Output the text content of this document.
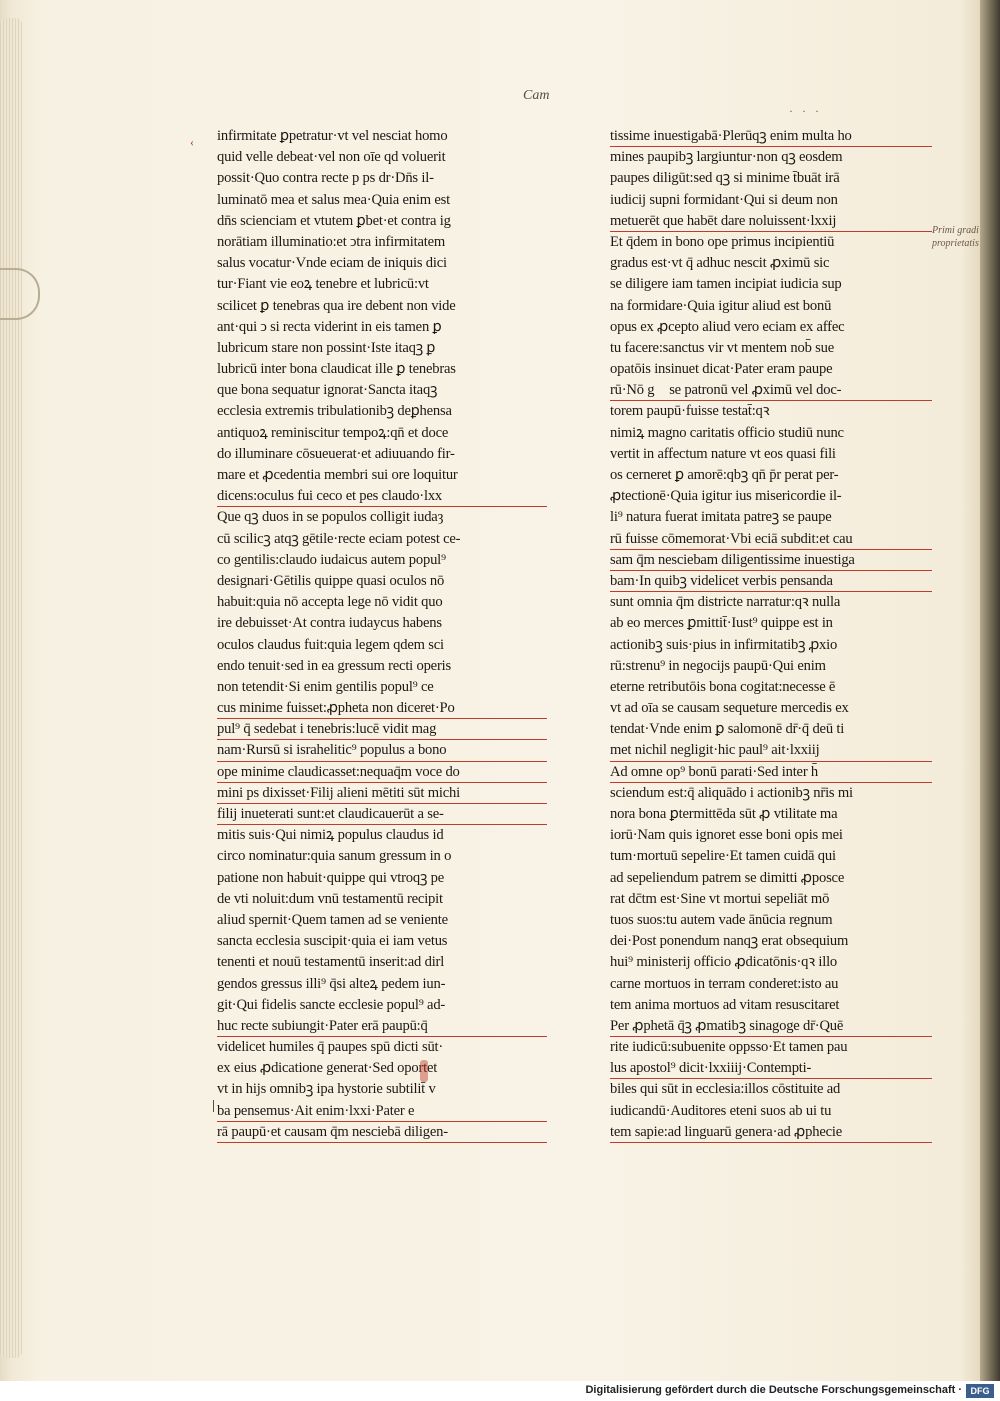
Cam
· · ·
Primi gradi proprietatis
‹ infirmitate ꝑpetratur·vt vel nesciat homo
quid velle debeat·vel non oīe qd voluerit
possit·Quo contra recte p ps dr·Dn̄s il-
luminatō mea et salus mea·Quia enim est
dn̄s scienciam et vtutem ꝑbet·et contra ig
norātiam illuminatio:et ↄtra infirmitatem
salus vocatur·Vnde eciam de iniquis dici
tur·Fiant vie eoꝝ tenebre et lubricū:vt
scilicet ꝑ tenebras qua ire debent non vide
ant·qui ↄ si recta viderint in eis tamen ꝑ
lubricum stare non possint·Iste itaqꝫ ꝑ
lubricū inter bona claudicat ille ꝑ tenebras
que bona sequatur ignorat·Sancta itaqꝫ
ecclesia extremis tribulationibꝫ deꝑhensa
antiquoꝝ reminiscitur tempoꝝ:qn̄ et doce
do illuminare cōsueuerat·et adiuuando fir-
mare et ꝓcedentia membri sui ore loquitur
dicens:oculus fui ceco et pes claudo·lxx
Que qꝫ duos in se populos colligit iudaȝ
cū scilicꝫ atqꝫ gētile·recte eciam potest ce-
co gentilis:claudo iudaicus autem popul⁹
designari·Gētilis quippe quasi oculos nō
habuit:quia nō accepta lege nō vidit quo
ire debuisset·At contra iudaycus habens
oculos claudus fuit:quia legem qdem sci
endo tenuit·sed in ea gressum recti operis
non tetendit·Si enim gentilis popul⁹ ce
cus minime fuisset:ꝓpheta non diceret·Po
pul⁹ q̄ sedebat i tenebris:lucē vidit mag
nam·Rursū si israhelitic⁹ populus a bono
ope minime claudicasset:nequaq̄m voce do
mini ps dixisset·Filij alieni mētiti sūt michi
filij inueterati sunt:et claudicauerūt a se-
mitis suis·Qui nimiꝝ populus claudus id
circo nominatur:quia sanum gressum in o
patione non habuit·quippe qui vtroqꝫ pe
de vti noluit:dum vnū testamentū recipit
aliud spernit·Quem tamen ad se veniente
sancta ecclesia suscipit·quia ei iam vetus
tenenti et nouū testamentū inserit:ad dirl
gendos gressus illi⁹ q̄si alteꝝ pedem iun-
git·Qui fidelis sancte ecclesie popul⁹ ad-
huc recte subiungit·Pater erā paupū:q̄
videlicet humiles q̄ paupes spū dicti sūt·
ex eius ꝓdicatione generat·Sed oportet
vt in hijs omnibꝫ ipa hystorie subtilit̄ v
ba pensemus·Ait enim·lxxi·Pater e
rā paupū·et causam q̄m nesciebā diligen-
tissime inuestigabā·Plerūqꝫ enim multa ho
mines paupibꝫ largiuntur·non qꝫ eosdem
paupes diligūt:sed qꝫ si minime t̄buāt irā
iudicij supni formidant·Qui si deum non
metuerēt que habēt dare noluissent·lxxij
Et q̄dem in bono ope primus incipientiū
gradus est·vt q̄ adhuc nescit ꝓximū sic
se diligere iam tamen incipiat iudicia sup
na formidare·Quia igitur aliud est bonū
opus ex ꝓcepto aliud vero eciam ex affec
tu facere:sanctus vir vt mentem nob̄ sue
opatōis insinuet dicat·Pater eram paupe
rū·Nō gᷓ se patronū vel ꝓximū vel doc-
torem paupū·fuisse testat̄:qꝛ
nimiꝝ magno caritatis officio studiū nunc
vertit in affectum nature vt eos quasi fili
os cerneret ꝑ amorē:qbꝫ qn̄ p̄r perat per-
ꝓtectionē·Quia igitur ius misericordie il-
li⁹ natura fuerat imitata patreꝫ se paupe
rū fuisse cōmemorat·Vbi eciā subdit:et cau
sam q̄m nesciebam diligentissime inuestiga
bam·In quibꝫ videlicet verbis pensanda
sunt omnia q̄m districte narratur:qꝛ nulla
ab eo merces ꝑmittit̄·Iust⁹ quippe est in
actionibꝫ suis·pius in infirmitatibꝫ ꝓxio
rū:strenu⁹ in negocijs paupū·Qui enim
eterne retributōis bona cogitat:necesse ē
vt ad oīa se causam sequeture mercedis ex
tendat·Vnde enim ꝑ salomonē dr̄·q̄ deū ti
met nichil negligit·hic paul⁹ ait·lxxiij
Ad omne op⁹ bonū parati·Sed inter h̄
sciendum est:q̄ aliquādo i actionibꝫ nr̄is mi
nora bona ꝑtermittēda sūt ꝓ vtilitate ma
iorū·Nam quis ignoret esse boni opis mei
tum·mortuū sepelire·Et tamen cuidā qui
ad sepeliendum patrem se dimitti ꝓposce
rat dc̄tm est·Sine vt mortui sepeliāt mō
tuos suos:tu autem vade ānūcia regnum
dei·Post ponendum nanqꝫ erat obsequium
hui⁹ ministerij officio ꝓdicatōnis·qꝛ illo
carne mortuos in terram conderet:isto au
tem anima mortuos ad vitam resuscitaret
Per ꝓphetā q̄ꝫ ꝓmatibꝫ sinagoge dr̄·Quē
rite iudicū:subuenite oppsso·Et tamen pau
lus apostol⁹ dicit·lxxiiij·Contempti-
biles qui sūt in ecclesia:illos cōstituite ad
iudicandū·Auditores eteni suos ab ui tu
tem sapie:ad linguarū genera·ad ꝓphecie
Digitalisierung gefördert durch die Deutsche Forschungsgemeinschaft · DFG
